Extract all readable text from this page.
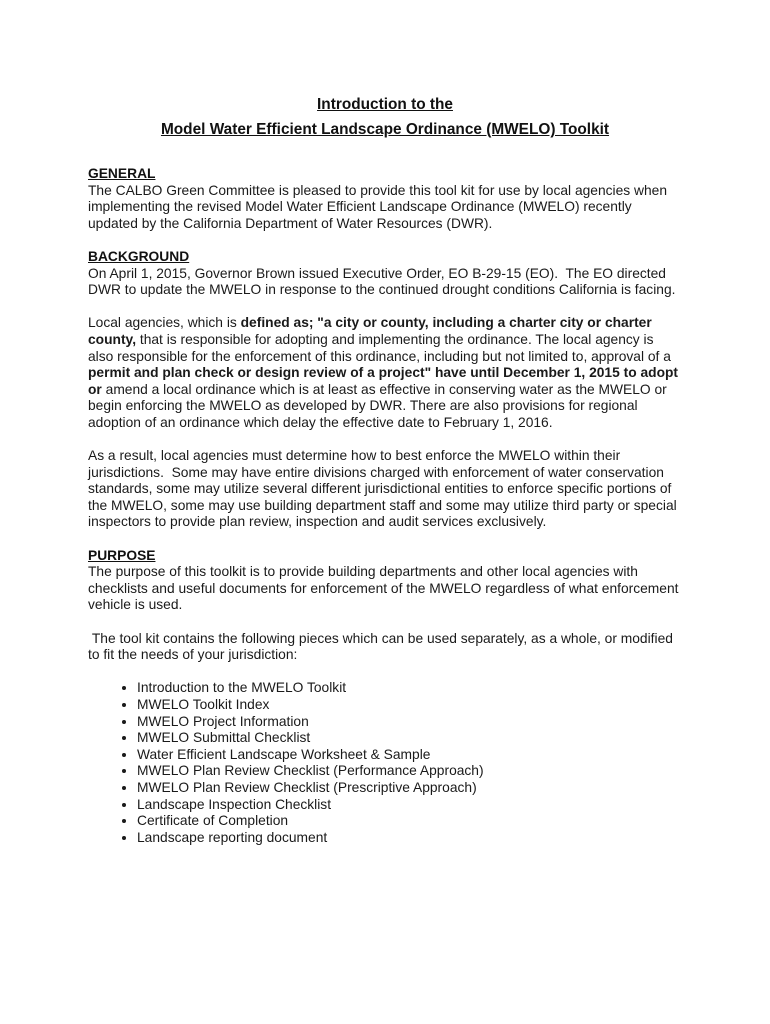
Introduction to the
Model Water Efficient Landscape Ordinance (MWELO) Toolkit
GENERAL

The CALBO Green Committee is pleased to provide this tool kit for use by local agencies when implementing the revised Model Water Efficient Landscape Ordinance (MWELO) recently updated by the California Department of Water Resources (DWR).

BACKGROUND

On April 1, 2015, Governor Brown issued Executive Order, EO B-29-15 (EO).  The EO directed DWR to update the MWELO in response to the continued drought conditions California is facing.

Local agencies, which is defined as; "a city or county, including a charter city or charter county, that is responsible for adopting and implementing the ordinance. The local agency is also responsible for the enforcement of this ordinance, including but not limited to, approval of a permit and plan check or design review of a project" have until December 1, 2015 to adopt or amend a local ordinance which is at least as effective in conserving water as the MWELO or begin enforcing the MWELO as developed by DWR. There are also provisions for regional adoption of an ordinance which delay the effective date to February 1, 2016.

As a result, local agencies must determine how to best enforce the MWELO within their jurisdictions.  Some may have entire divisions charged with enforcement of water conservation standards, some may utilize several different jurisdictional entities to enforce specific portions of the MWELO, some may use building department staff and some may utilize third party or special inspectors to provide plan review, inspection and audit services exclusively.

PURPOSE

The purpose of this toolkit is to provide building departments and other local agencies with checklists and useful documents for enforcement of the MWELO regardless of what enforcement vehicle is used.

The tool kit contains the following pieces which can be used separately, as a whole, or modified to fit the needs of your jurisdiction:

• Introduction to the MWELO Toolkit
• MWELO Toolkit Index
• MWELO Project Information
• MWELO Submittal Checklist
• Water Efficient Landscape Worksheet & Sample
• MWELO Plan Review Checklist (Performance Approach)
• MWELO Plan Review Checklist (Prescriptive Approach)
• Landscape Inspection Checklist
• Certificate of Completion
• Landscape reporting document
